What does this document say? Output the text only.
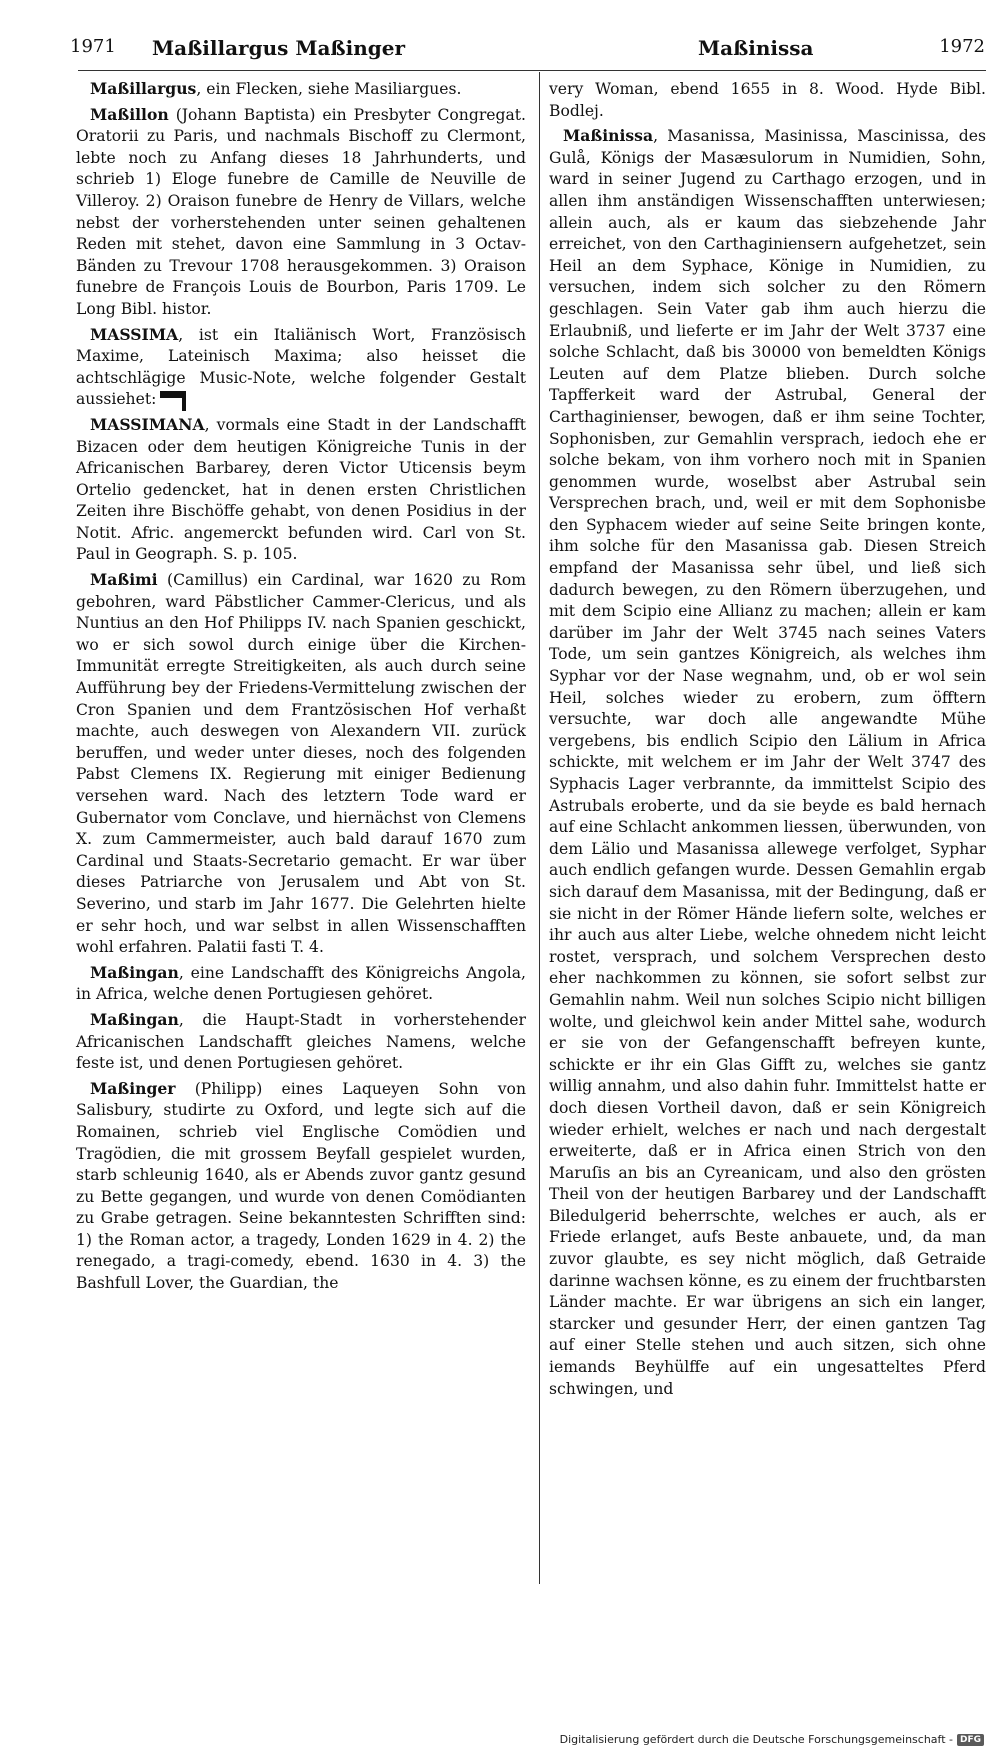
1971 Maßillargus Maßinger	Maßinissa	1972

Maßillargus, ein Flecken, siehe Masiliargues.

Maßillon (Johann Baptista) ein Presbyter Congregat. Oratorii zu Paris, und nachmals Bischoff zu Clermont, lebte noch zu Anfang dieses 18 Jahrhunderts, und schrieb 1) Eloge funebre de Camille de Neuville de Villeroy. 2) Oraison funebre de Henry de Villars, welche nebst der vorherstehenden unter seinen gehaltenen Reden mit stehet, davon eine Sammlung in 3 Octav-Bänden zu Trevour 1708 herausgekommen. 3) Oraison funebre de François Louis de Bourbon, Paris 1709. Le Long Bibl. histor.

MASSIMA, ist ein Italiänisch Wort, Französisch Maxime, Lateinisch Maxima; also heisset die achtschlägige Music-Note, welche folgender Gestalt aussiehet:

MASSIMANA, vormals eine Stadt in der Landschafft Bizacen oder dem heutigen Königreiche Tunis in der Africanischen Barbarey, deren Victor Uticensis beym Ortelio gedencket, hat in denen ersten Christlichen Zeiten ihre Bischöffe gehabt, von denen Posidius in der Notit. Afric. angemerckt befunden wird. Carl von St. Paul in Geograph. S. p. 105.

Maßimi (Camillus) ein Cardinal, war 1620 zu Rom gebohren, ward Päbstlicher Cammer-Clericus, und als Nuntius an den Hof Philipps IV. nach Spanien geschickt, wo er sich sowol durch einige über die Kirchen-Immunität erregte Streitigkeiten, als auch durch seine Aufführung bey der Friedens-Vermittelung zwischen der Cron Spanien und dem Frantzösischen Hof verhaßt machte, auch deswegen von Alexandern VII. zurück beruffen, und weder unter dieses, noch des folgenden Pabst Clemens IX. Regierung mit einiger Bedienung versehen ward. Nach des letztern Tode ward er Gubernator vom Conclave, und hiernächst von Clemens X. zum Cammermeister, auch bald darauf 1670 zum Cardinal und Staats-Secretario gemacht. Er war über dieses Patriarche von Jerusalem und Abt von St. Severino, und starb im Jahr 1677. Die Gelehrten hielte er sehr hoch, und war selbst in allen Wissenschafften wohl erfahren. Palatii fasti T. 4.

Maßingan, eine Landschafft des Königreichs Angola, in Africa, welche denen Portugiesen gehöret.

Maßingan, die Haupt-Stadt in vorherstehender Africanischen Landschafft gleiches Namens, welche feste ist, und denen Portugiesen gehöret.

Maßinger (Philipp) eines Laqueyen Sohn von Salisbury, studirte zu Oxford, und legte sich auf die Romainen, schrieb viel Englische Comödien und Tragödien, die mit grossem Beyfall gespielet wurden, starb schleunig 1640, als er Abends zuvor gantz gesund zu Bette gegangen, und wurde von denen Comödianten zu Grabe getragen. Seine bekanntesten Schrifften sind: 1) the Roman actor, a tragedy, Londen 1629 in 4. 2) the renegado, a tragi-comedy, ebend. 1630 in 4. 3) the Bashfull Lover, the Guardian, the

very Woman, ebend 1655 in 8. Wood. Hyde Bibl. Bodlej.

Maßinissa, Masanissa, Masinissa, Mascinissa, des Gulå, Königs der Masæsulorum in Numidien, Sohn, ward in seiner Jugend zu Carthago erzogen, und in allen ihm anständigen Wissenschafften unterwiesen; allein auch, als er kaum das siebzehende Jahr erreichet, von den Carthaginiensern aufgehetzet, sein Heil an dem Syphace, Könige in Numidien, zu versuchen, indem sich solcher zu den Römern geschlagen. Sein Vater gab ihm auch hierzu die Erlaubniß, und lieferte er im Jahr der Welt 3737 eine solche Schlacht, daß bis 30000 von bemeldten Königs Leuten auf dem Platze blieben. Durch solche Tapfferkeit ward der Astrubal, General der Carthaginienser, bewogen, daß er ihm seine Tochter, Sophonisben, zur Gemahlin versprach, iedoch ehe er solche bekam, von ihm vorhero noch mit in Spanien genommen wurde, woselbst aber Astrubal sein Versprechen brach, und, weil er mit dem Sophonisbe den Syphacem wieder auf seine Seite bringen konte, ihm solche für den Masanissa gab. Diesen Streich empfand der Masanissa sehr übel, und ließ sich dadurch bewegen, zu den Römern überzugehen, und mit dem Scipio eine Allianz zu machen; allein er kam darüber im Jahr der Welt 3745 nach seines Vaters Tode, um sein gantzes Königreich, als welches ihm Syphar vor der Nase wegnahm, und, ob er wol sein Heil, solches wieder zu erobern, zum öfftern versuchte, war doch alle angewandte Mühe vergebens, bis endlich Scipio den Lälium in Africa schickte, mit welchem er im Jahr der Welt 3747 des Syphacis Lager verbrannte, da immittelst Scipio des Astrubals eroberte, und da sie beyde es bald hernach auf eine Schlacht ankommen liessen, überwunden, von dem Lälio und Masanissa allewege verfolget, Syphar auch endlich gefangen wurde. Dessen Gemahlin ergab sich darauf dem Masanissa, mit der Bedingung, daß er sie nicht in der Römer Hände liefern solte, welches er ihr auch aus alter Liebe, welche ohnedem nicht leicht rostet, versprach, und solchem Versprechen desto eher nachkommen zu können, sie sofort selbst zur Gemahlin nahm. Weil nun solches Scipio nicht billigen wolte, und gleichwol kein ander Mittel sahe, wodurch er sie von der Gefangenschafft befreyen kunte, schickte er ihr ein Glas Gifft zu, welches sie gantz willig annahm, und also dahin fuhr. Immittelst hatte er doch diesen Vortheil davon, daß er sein Königreich wieder erhielt, welches er nach und nach dergestalt erweiterte, daß er in Africa einen Strich von den Maruſis an bis an Cyreanicam, und also den grösten Theil von der heutigen Barbarey und der Landschafft Biledulgerid beherrschte, welches er auch, als er Friede erlanget, aufs Beste anbauete, und, da man zuvor glaubte, es sey nicht möglich, daß Getraide darinne wachsen könne, es zu einem der fruchtbarsten Länder machte. Er war übrigens an sich ein langer, starcker und gesunder Herr, der einen gantzen Tag auf einer Stelle stehen und auch sitzen, sich ohne iemands Beyhülffe auf ein ungesatteltes Pferd schwingen, und

Digitalisierung gefördert durch die Deutsche Forschungsgemeinschaft - DFG
